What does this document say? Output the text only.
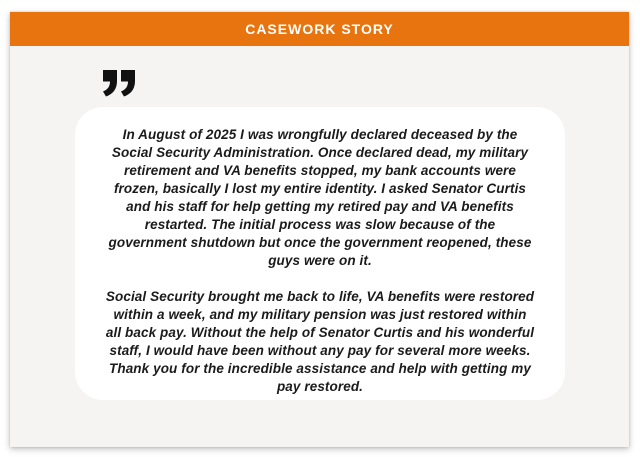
CASEWORK STORY

In August of 2025 I was wrongfully declared deceased by the Social Security Administration. Once declared dead, my military retirement and VA benefits stopped, my bank accounts were frozen, basically I lost my entire identity. I asked Senator Curtis and his staff for help getting my retired pay and VA benefits restarted. The initial process was slow because of the government shutdown but once the government reopened, these guys were on it.

Social Security brought me back to life, VA benefits were restored within a week, and my military pension was just restored within all back pay. Without the help of Senator Curtis and his wonderful staff, I would have been without any pay for several more weeks. Thank you for the incredible assistance and help with getting my pay restored.
